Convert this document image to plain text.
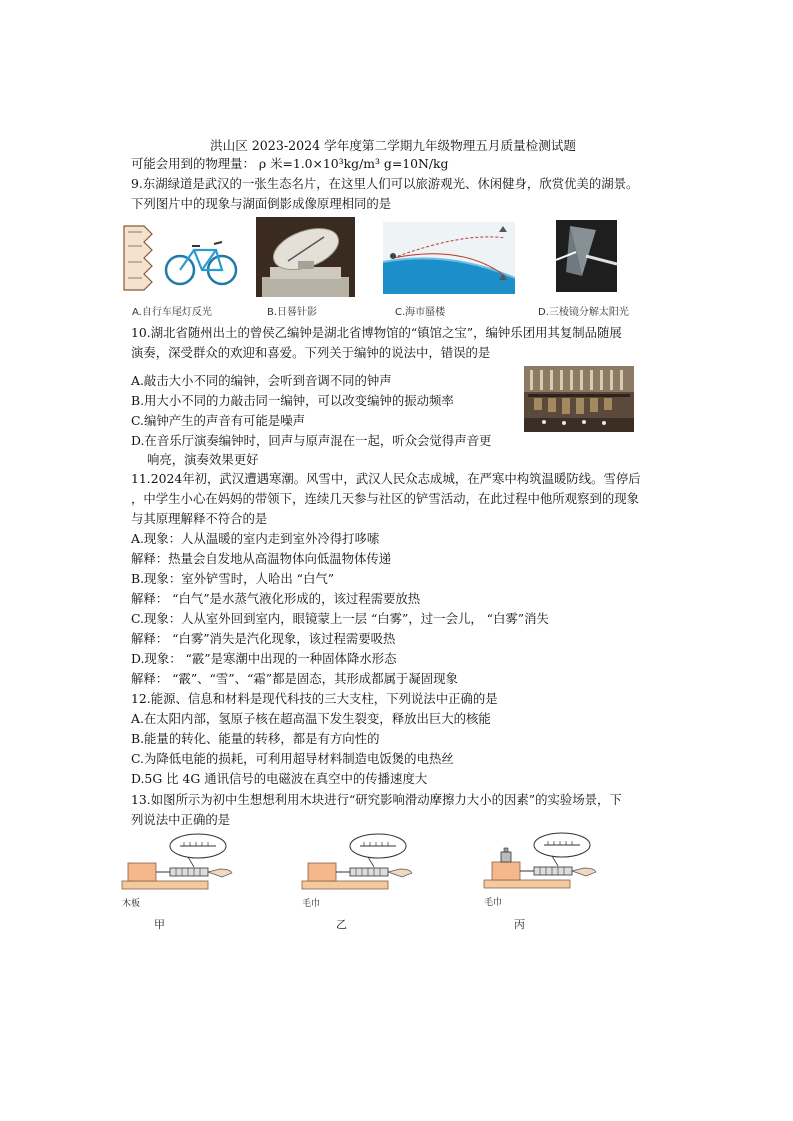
洪山区 2023-2024 学年度第二学期九年级物理五月质量检测试题
可能会用到的物理量： ρ 米=1.0×10³kg/m³ g=10N/kg
9.东湖绿道是武汉的一张生态名片，在这里人们可以旅游观光、休闲健身，欣赏优美的湖景。
下列图片中的现象与湖面倒影成像原理相同的是
A.自行车尾灯反光	B.日晷针影	C.海市蜃楼	D.三棱镜分解太阳光
10.湖北省随州出土的曾侯乙编钟是湖北省博物馆的“镇馆之宝”，编钟乐团用其复制品随展
演奏，深受群众的欢迎和喜爱。下列关于编钟的说法中，错误的是
A.敲击大小不同的编钟，会听到音调不同的钟声
B.用大小不同的力敲击同一编钟，可以改变编钟的振动频率
C.编钟产生的声音有可能是噪声
D.在音乐厅演奏编钟时，回声与原声混在一起，听众会觉得声音更
响亮，演奏效果更好
11.2024年初，武汉遭遇寒潮。风雪中，武汉人民众志成城，在严寒中构筑温暖防线。雪停后
，中学生小心在妈妈的带领下，连续几天参与社区的铲雪活动，在此过程中他所观察到的现象
与其原理解释不符合的是
A.现象：人从温暖的室内走到室外冷得打哆嗦
解释：热量会自发地从高温物体向低温物体传递
B.现象：室外铲雪时，人哈出 “白气”
解释： “白气”是水蒸气液化形成的，该过程需要放热
C.现象：人从室外回到室内，眼镜蒙上一层 “白雾”，过一会儿， “白雾”消失
解释： “白雾”消失是汽化现象，该过程需要吸热
D.现象： “霰”是寒潮中出现的一种固体降水形态
解释： “霰”、“雪”、“霜”都是固态，其形成都属于凝固现象
12.能源、信息和材料是现代科技的三大支柱，下列说法中正确的是
A.在太阳内部，氢原子核在超高温下发生裂变，释放出巨大的核能
B.能量的转化、能量的转移，都是有方向性的
C.为降低电能的损耗，可利用超导材料制造电饭煲的电热丝
D.5G 比 4G 通讯信号的电磁波在真空中的传播速度大
13.如图所示为初中生想想利用木块进行“研究影响滑动摩擦力大小的因素”的实验场景，下
列说法中正确的是
木板
甲
毛巾
乙
毛巾
丙
